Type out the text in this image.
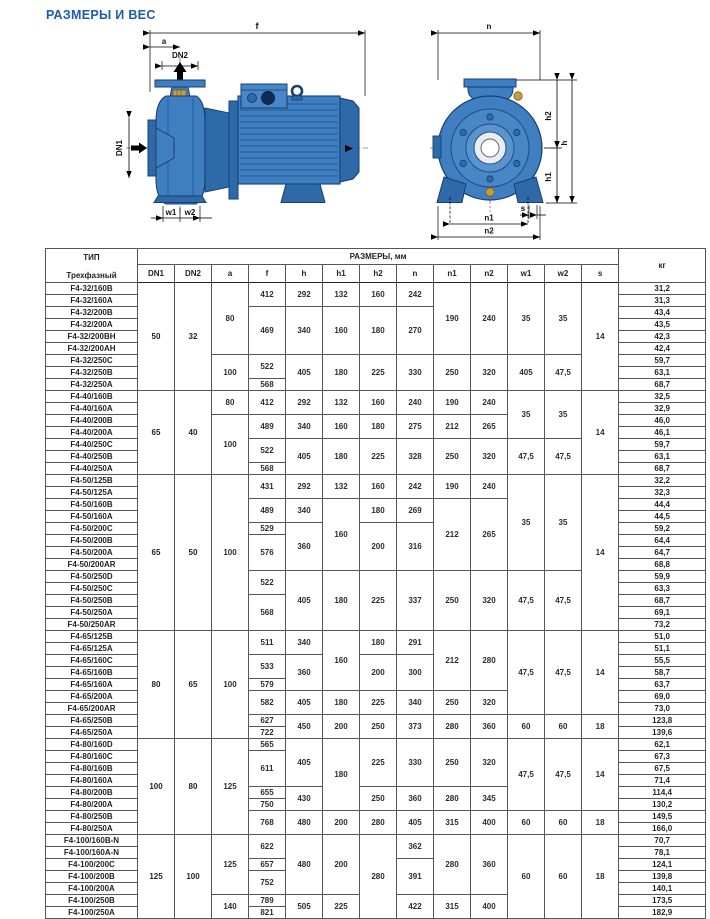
РАЗМЕРЫ И ВЕС
f
a
DN2
DN1
w1 w2
n
s
n1
n2
h2
h1
h
ТИП
Трехфазный	РАЗМЕРЫ, мм													кг
	DN1	DN2	a	f	h	h1	h2	n	n1	n2	w1	w2	s	
F4-32/160B	50	32	80	412	292	132	160	242	190	240	35	35	14	31,2
F4-32/160A														31,3
F4-32/200B				469	340	160	180	270						43,4
F4-32/200A														43,5
F4-32/200BH														42,3
F4-32/200AH														42,4
F4-32/250C			100	522	405	180	225	330	250	320	405	47,5		59,7
F4-32/250B														63,1
F4-32/250A				568										68,7
F4-40/160B	65	40	80	412	292	132	160	240	190	240	35	35	14	32,5
F4-40/160A														32,9
F4-40/200B			100	489	340	160	180	275	212	265				46,0
F4-40/200A														46,1
F4-40/250C				522	405	180	225	328	250	320	47,5	47,5		59,7
F4-40/250B														63,1
F4-40/250A				568										68,7
F4-50/125B	65	50	100	431	292	132	160	242	190	240	35	35	14	32,2
F4-50/125A														32,3
F4-50/160B				489	340	160	180	269	212	265				44,4
F4-50/160A														44,5
F4-50/200C				529	360		200	316						59,2
F4-50/200B				576										64,4
F4-50/200A														64,7
F4-50/200AR														68,8
F4-50/250D				522	405	180	225	337	250	320	47,5	47,5		59,9
F4-50/250C														63,3
F4-50/250B				568										68,7
F4-50/250A														69,1
F4-50/250AR														73,2
F4-65/125B	80	65	100	511	340	160	180	291	212	280	47,5	47,5	14	51,0
F4-65/125A														51,1
F4-65/160C				533	360		200	300						55,5
F4-65/160B														58,7
F4-65/160A				579										63,7
F4-65/200A				582	405	180	225	340	250	320				69,0
F4-65/200AR														73,0
F4-65/250B				627	450	200	250	373	280	360	60	60	18	123,8
F4-65/250A				722										139,6
F4-80/160D	100	80	125	565	405	180	225	330	250	320	47,5	47,5	14	62,1
F4-80/160C				611										67,3
F4-80/160B														67,5
F4-80/160A														71,4
F4-80/200B				655	430		250	360	280	345				114,4
F4-80/200A				750										130,2
F4-80/250B				768	480	200	280	405	315	400	60	60	18	149,5
F4-80/250A														166,0
F4-100/160B-N	125	100	125	622	480	200	280	362	280	360	60	60	18	70,7
F4-100/160A-N														78,1
F4-100/200C				657				391						124,1
F4-100/200B				752										139,8
F4-100/200A														140,1
F4-100/250B			140	789	505	225		422	315	400				173,5
F4-100/250A				821										182,9
